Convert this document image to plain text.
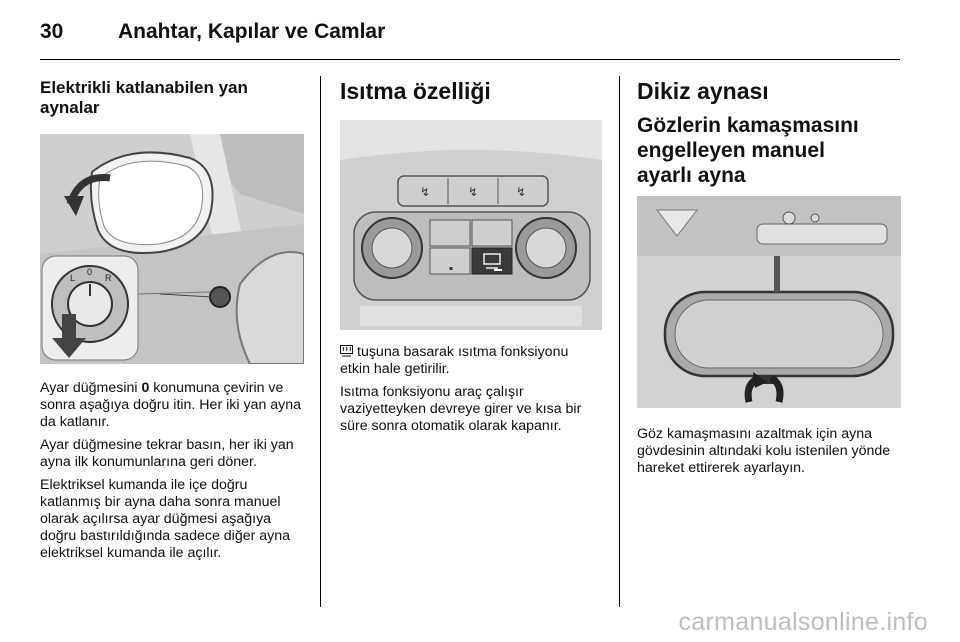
30	Anahtar, Kapılar ve Camlar
Elektrikli katlanabilen yan aynalar
L
0
R

Ayar düğmesini 0 konumuna çevirin ve sonra aşağıya doğru itin. Her iki yan ayna da katlanır.

Ayar düğmesine tekrar basın, her iki yan ayna ilk konumunlarına geri döner.

Elektriksel kumanda ile içe doğru katlanmış bir ayna daha sonra manuel olarak açılırsa ayar düğmesi aşağıya doğru bastırıldığında sadece diğer ayna elektriksel kumanda ile açılır.

Isıtma özelliği
↯	↯	↯

tuşuna basarak ısıtma fonksiyonu etkin hale getirilir.

Isıtma fonksiyonu araç çalışır vaziyetteyken devreye girer ve kısa bir süre sonra otomatik olarak kapanır.

Dikiz aynası
Gözlerin kamaşmasını engelleyen manuel ayarlı ayna

Göz kamaşmasını azaltmak için ayna gövdesinin altındaki kolu istenilen yönde hareket ettirerek ayarlayın.

carmanualsonline.info
